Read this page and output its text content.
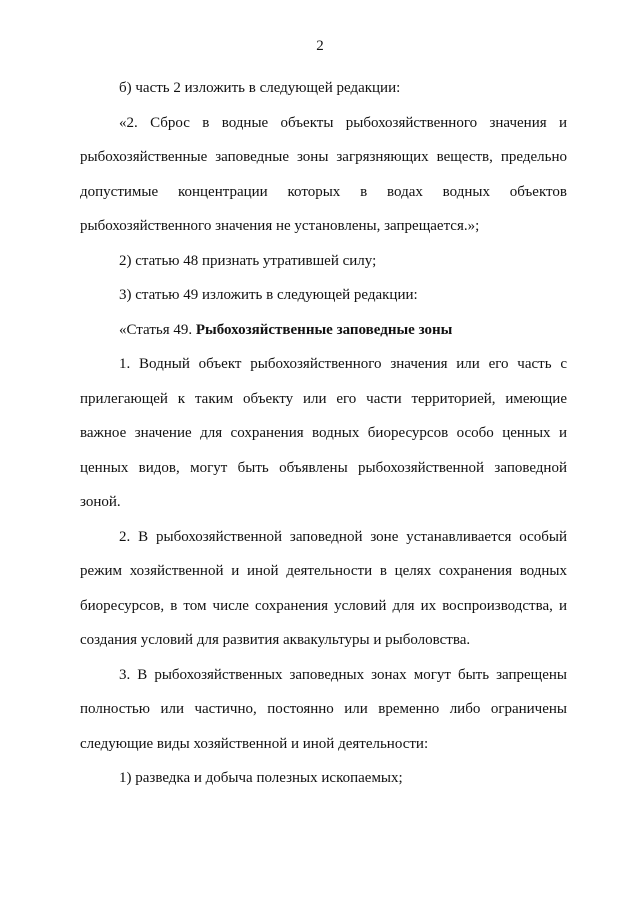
2
б) часть 2 изложить в следующей редакции:
«2. Сброс в водные объекты рыбохозяйственного значения и
рыбохозяйственные заповедные зоны загрязняющих веществ, предельно
допустимые концентрации которых в водах водных объектов
рыбохозяйственного значения не установлены, запрещается.»;
2) статью 48 признать утратившей силу;
3) статью 49 изложить в следующей редакции:
«Статья 49. Рыбохозяйственные заповедные зоны
1. Водный объект рыбохозяйственного значения или его часть с
прилегающей к таким объекту или его части территорией, имеющие
важное значение для сохранения водных биоресурсов особо ценных и
ценных видов, могут быть объявлены рыбохозяйственной заповедной
зоной.
2. В рыбохозяйственной заповедной зоне устанавливается особый
режим хозяйственной и иной деятельности в целях сохранения водных
биоресурсов, в том числе сохранения условий для их воспроизводства, и
создания условий для развития аквакультуры и рыболовства.
3. В рыбохозяйственных заповедных зонах могут быть запрещены
полностью или частично, постоянно или временно либо ограничены
следующие виды хозяйственной и иной деятельности:
1) разведка и добыча полезных ископаемых;
